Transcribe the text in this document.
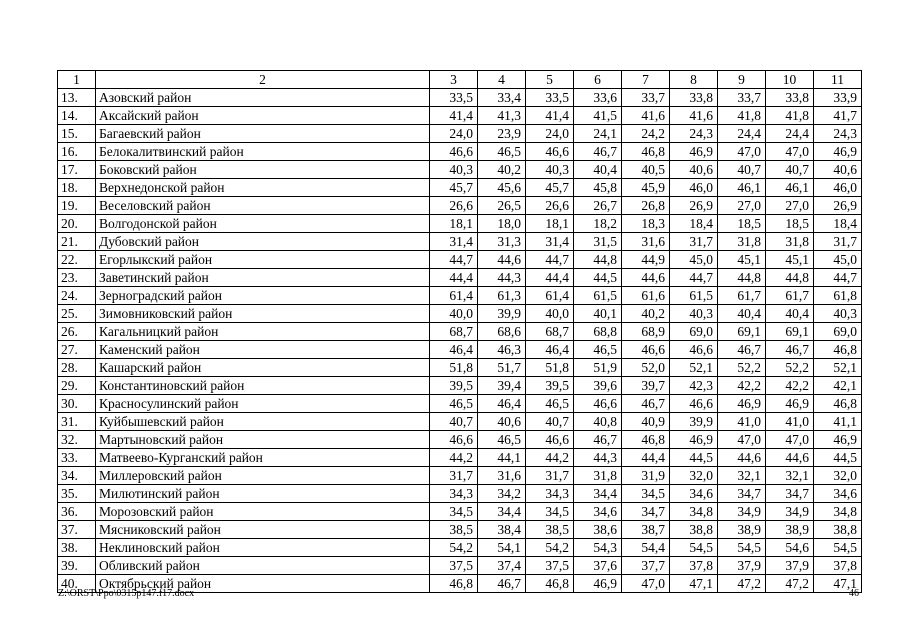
1	2	3	4	5	6	7	8	9	10	11
13.	Азовский район	33,5	33,4	33,5	33,6	33,7	33,8	33,7	33,8	33,9
14.	Аксайский район	41,4	41,3	41,4	41,5	41,6	41,6	41,8	41,8	41,7
15.	Багаевский район	24,0	23,9	24,0	24,1	24,2	24,3	24,4	24,4	24,3
16.	Белокалитвинский район	46,6	46,5	46,6	46,7	46,8	46,9	47,0	47,0	46,9
17.	Боковский район	40,3	40,2	40,3	40,4	40,5	40,6	40,7	40,7	40,6
18.	Верхнедонской район	45,7	45,6	45,7	45,8	45,9	46,0	46,1	46,1	46,0
19.	Веселовский район	26,6	26,5	26,6	26,7	26,8	26,9	27,0	27,0	26,9
20.	Волгодонской район	18,1	18,0	18,1	18,2	18,3	18,4	18,5	18,5	18,4
21.	Дубовский район	31,4	31,3	31,4	31,5	31,6	31,7	31,8	31,8	31,7
22.	Егорлыкский район	44,7	44,6	44,7	44,8	44,9	45,0	45,1	45,1	45,0
23.	Заветинский район	44,4	44,3	44,4	44,5	44,6	44,7	44,8	44,8	44,7
24.	Зерноградский район	61,4	61,3	61,4	61,5	61,6	61,5	61,7	61,7	61,8
25.	Зимовниковский район	40,0	39,9	40,0	40,1	40,2	40,3	40,4	40,4	40,3
26.	Кагальницкий район	68,7	68,6	68,7	68,8	68,9	69,0	69,1	69,1	69,0
27.	Каменский район	46,4	46,3	46,4	46,5	46,6	46,6	46,7	46,7	46,8
28.	Кашарский район	51,8	51,7	51,8	51,9	52,0	52,1	52,2	52,2	52,1
29.	Константиновский район	39,5	39,4	39,5	39,6	39,7	42,3	42,2	42,2	42,1
30.	Красносулинский район	46,5	46,4	46,5	46,6	46,7	46,6	46,9	46,9	46,8
31.	Куйбышевский район	40,7	40,6	40,7	40,8	40,9	39,9	41,0	41,0	41,1
32.	Мартыновский район	46,6	46,5	46,6	46,7	46,8	46,9	47,0	47,0	46,9
33.	Матвеево-Курганский район	44,2	44,1	44,2	44,3	44,4	44,5	44,6	44,6	44,5
34.	Миллеровский район	31,7	31,6	31,7	31,8	31,9	32,0	32,1	32,1	32,0
35.	Милютинский район	34,3	34,2	34,3	34,4	34,5	34,6	34,7	34,7	34,6
36.	Морозовский район	34,5	34,4	34,5	34,6	34,7	34,8	34,9	34,9	34,8
37.	Мясниковский район	38,5	38,4	38,5	38,6	38,7	38,8	38,9	38,9	38,8
38.	Неклиновский район	54,2	54,1	54,2	54,3	54,4	54,5	54,5	54,6	54,5
39.	Обливский район	37,5	37,4	37,5	37,6	37,7	37,8	37,9	37,9	37,8
40.	Октябрьский район	46,8	46,7	46,8	46,9	47,0	47,1	47,2	47,2	47,1
Z:\ORST\Ppo\0315p147.f17.docx	46
